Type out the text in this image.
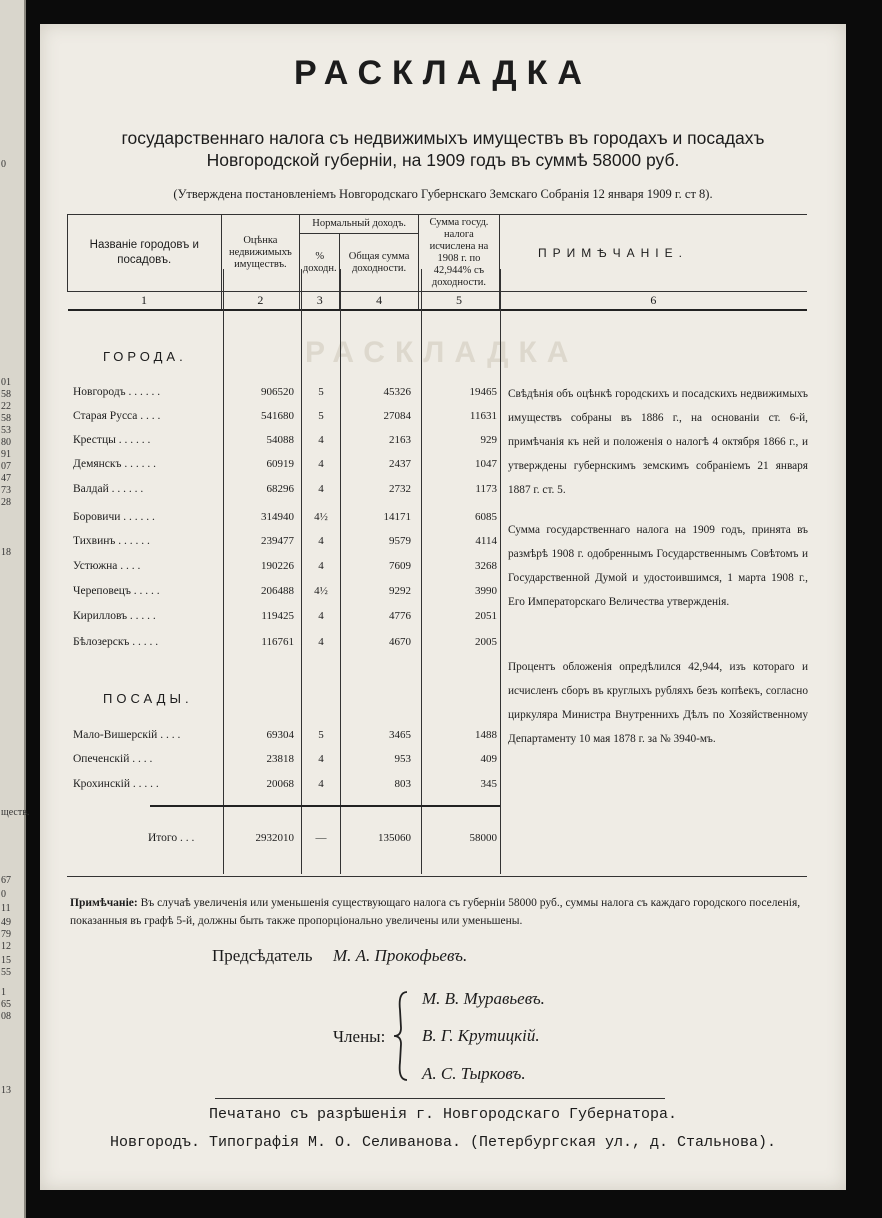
0
01
58
22
58
53
80
91
07
47
73
28
18
ществ.
67
0
11
49
79
12
15
55
1
65
08
13
РАСКЛАДКА
РАСКЛАДКА
государственнаго налога съ недвижимыхъ имуществъ въ городахъ и посадахъ
Новгородской губерніи, на 1909 годъ въ суммѣ 58000 руб.
(Утверждена постановленіемъ Новгородскаго Губернскаго Земскаго Собранія 12 января 1909 г. ст 8).
Названіе городовъ и посадовъ.	Оцѣнка недвижимыхъ имуществъ.	Нормальный доходъ.		Сумма госуд. налога исчислена на 1908 г. по 42,944% съ доходности.	
		% доходн.	Общая сумма доходности.		
1	2	3	4	5	6
ПРИМѢЧАНІЕ.
ГОРОДА.
ПОСАДЫ.
Новгородъ . . . . . .	906520	5	45326	19465
Старая Русса . . . .	541680	5	27084	11631
Крестцы . . . . . .	54088	4	2163	929
Демянскъ . . . . . .	60919	4	2437	1047
Валдай . . . . . .	68296	4	2732	1173
Боровичи . . . . . .	314940	4½	14171	6085
Тихвинъ . . . . . .	239477	4	9579	4114
Устюжна . . . .	190226	4	7609	3268
Череповецъ . . . . .	206488	4½	9292	3990
Кирилловъ . . . . .	119425	4	4776	2051
Бѣлозерскъ . . . . .	116761	4	4670	2005
Мало-Вишерскій . . . .	69304	5	3465	1488
Опеченскій . . . .	23818	4	953	409
Крохинскій . . . . .	20068	4	803	345
Итого . . .	2932010	—	135060	58000
Свѣдѣнія объ оцѣнкѣ городскихъ и посадскихъ недвижимыхъ имуществъ собраны въ 1886 г., на основаніи ст. 6-й, примѣчанія къ ней и положенія о налогѣ 4 октября 1866 г., и утверждены губернскимъ земскимъ собраніемъ 21 января 1887 г. ст. 5.
Сумма государственнаго налога на 1909 годъ, принята въ размѣрѣ 1908 г. одобреннымъ Государственнымъ Совѣтомъ и Государственной Думой и удостоившимся, 1 марта 1908 г., Его Императорскаго Величества утвержденія.
Процентъ обложенія опредѣлился 42,944, изъ котораго и исчисленъ сборъ въ круглыхъ рубляхъ безъ копѣекъ, согласно циркуляра Министра Внутреннихъ Дѣлъ по Хозяйственному Департаменту 10 мая 1878 г. за № 3940-мъ.
Примѣчаніе: Въ случаѣ увеличенія или уменьшенія существующаго налога съ губерніи 58000 руб., суммы налога съ каждаго городского поселенія, показанныя въ графѣ 5-й, должны быть также пропорціонально увеличены или уменьшены.
Предсѣдатель М. А. Прокофьевъ.
Члены:
М. В. Муравьевъ.
В. Г. Крутицкій.
А. С. Тырковъ.
Печатано съ разрѣшенія г. Новгородскаго Губернатора.
Новгородъ. Типографія М. О. Селиванова. (Петербургская ул., д. Стальнова).
